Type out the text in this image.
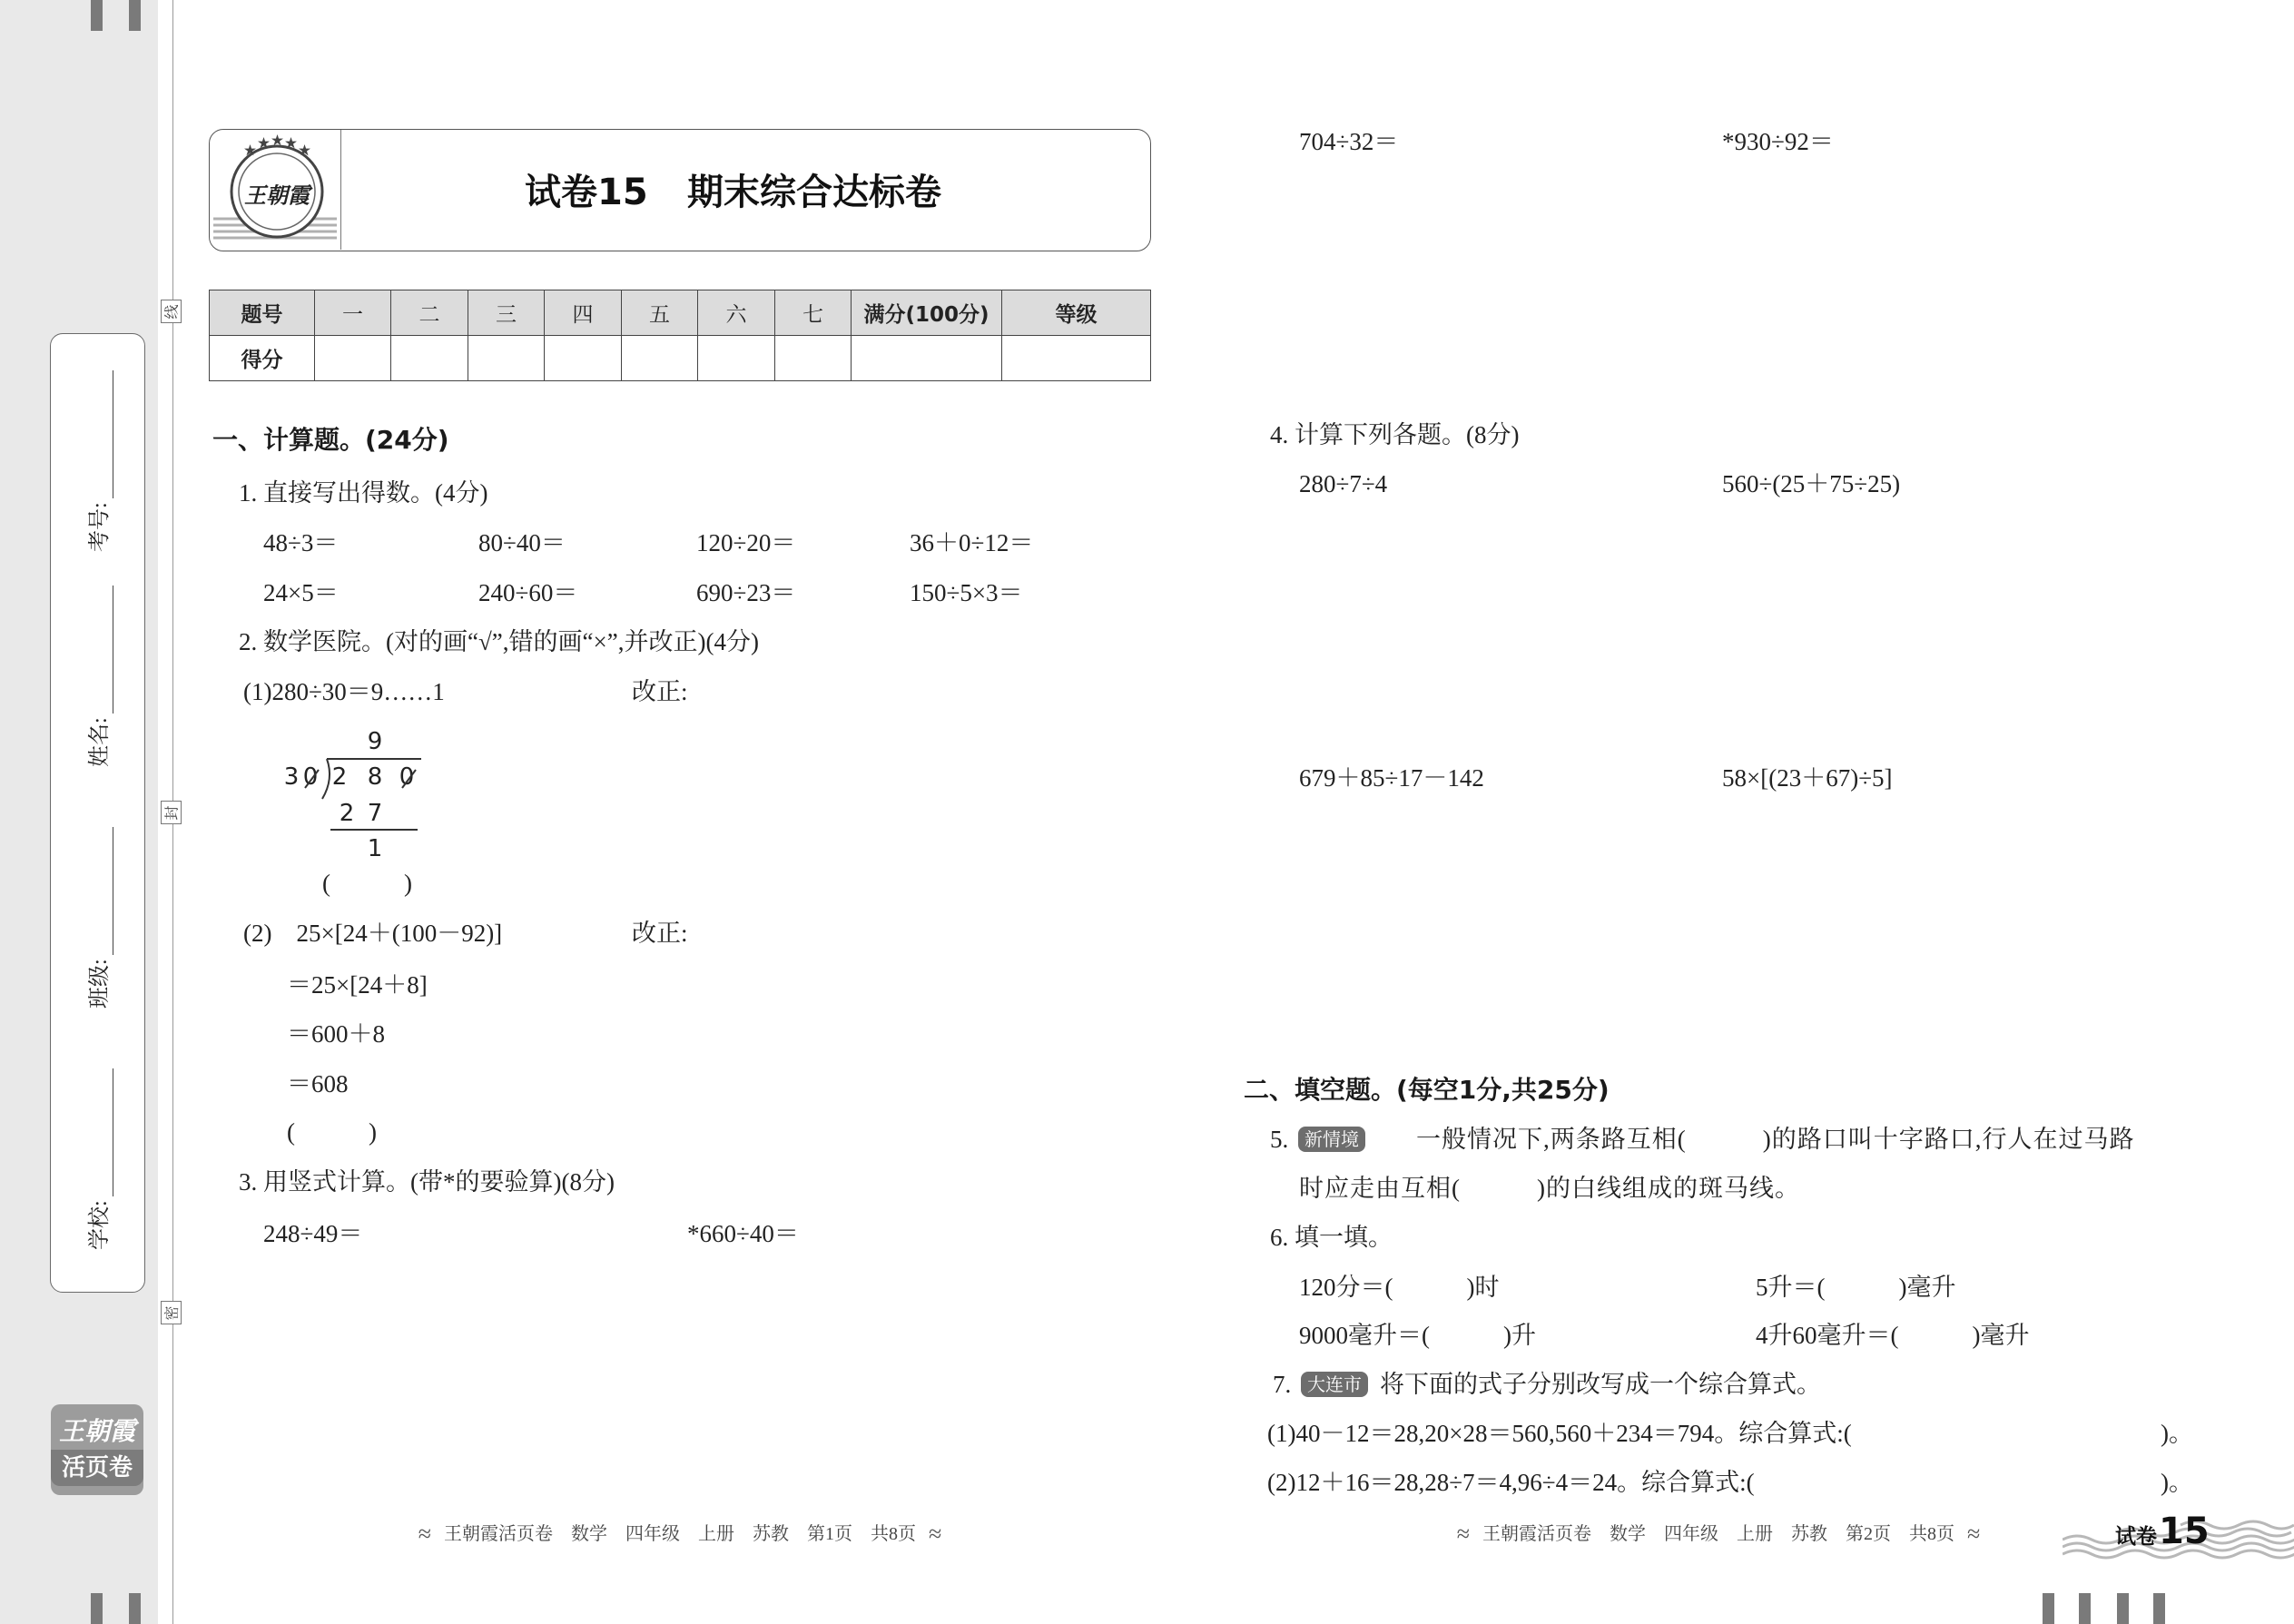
考号:
姓名:
班级:
学校:
线
封
密
王朝霞
活页卷
王朝霞	试卷15 期末综合达标卷
题号	一	二	三	四	五	六	七	满分(100分)	等级
得分									
一、计算题。(24分)
1. 直接写出得数。(4分)
48÷3＝	80÷40＝	120÷20＝	36＋0÷12＝
24×5＝	240÷60＝	690÷23＝	150÷5×3＝
2. 数学医院。(对的画“√”,错的画“×”,并改正)(4分)
(1)280÷30＝9……1	改正:
9
3 0 2 8 0
2 7
1
(　　　)
(2)　25×[24＋(100－92)]	改正:
＝25×[24＋8]
＝600＋8
＝608
(　　　)
3. 用竖式计算。(带*的要验算)(8分)
248÷49＝	*660÷40＝
≈ 王朝霞活页卷　数学　四年级　上册　苏教　第1页　共8页 ≈
704÷32＝	*930÷92＝
4. 计算下列各题。(8分)
280÷7÷4	560÷(25＋75÷25)
679＋85÷17－142	58×[(23＋67)÷5]
二、填空题。(每空1分,共25分)
5. 新情境 一般情况下,两条路互相(　　　)的路口叫十字路口,行人在过马路
时应走由互相(　　　)的白线组成的斑马线。
6. 填一填。
120分＝(　　　)时	5升＝(　　　)毫升
9000毫升＝(　　　)升	4升60毫升＝(　　　)毫升
7. 大连市 将下面的式子分别改写成一个综合算式。
(1)40－12＝28,20×28＝560,560＋234＝794。综合算式:(	)。
(2)12＋16＝28,28÷7＝4,96÷4＝24。综合算式:(	)。
≈ 王朝霞活页卷　数学　四年级　上册　苏教　第2页　共8页 ≈	试卷15
